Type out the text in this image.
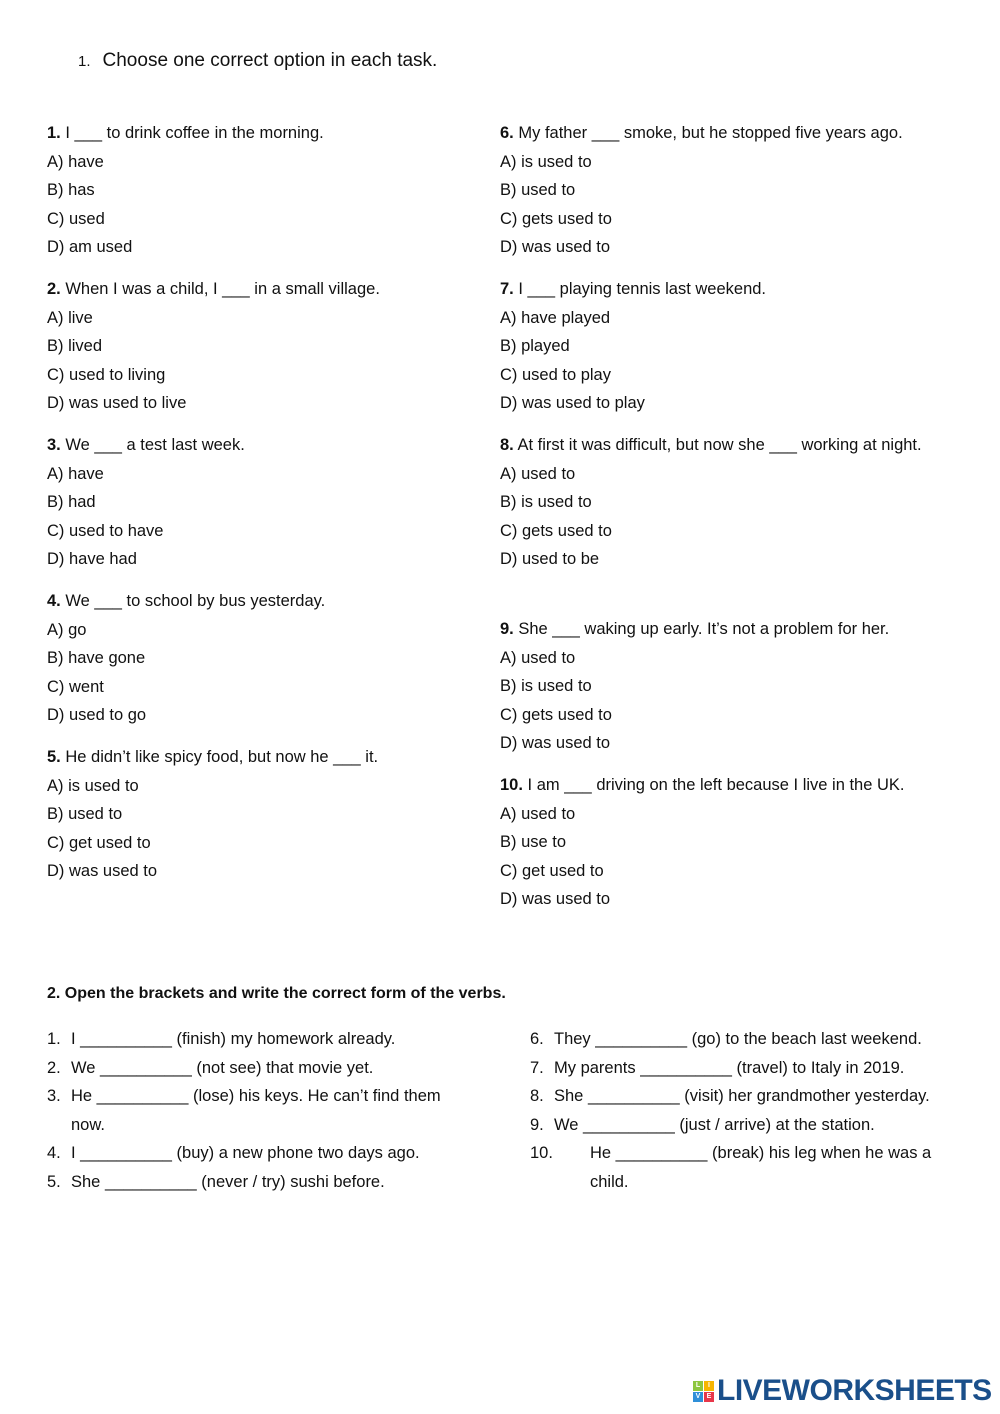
1. Choose one correct option in each task.
1. I ___ to drink coffee in the morning.
A) have
B) has
C) used
D) am used
2. When I was a child, I ___ in a small village.
A) live
B) lived
C) used to living
D) was used to live
3. We ___ a test last week.
A) have
B) had
C) used to have
D) have had
4. We ___ to school by bus yesterday.
A) go
B) have gone
C) went
D) used to go
5. He didn’t like spicy food, but now he ___ it.
A) is used to
B) used to
C) get used to
D) was used to
6. My father ___ smoke, but he stopped five years ago.
A) is used to
B) used to
C) gets used to
D) was used to
7. I ___ playing tennis last weekend.
A) have played
B) played
C) used to play
D) was used to play
8. At first it was difficult, but now she ___ working at night.
A) used to
B) is used to
C) gets used to
D) used to be
9. She ___ waking up early. It’s not a problem for her.
A) used to
B) is used to
C) gets used to
D) was used to
10. I am ___ driving on the left because I live in the UK.
A) used to
B) use to
C) get used to
D) was used to
2. Open the brackets and write the correct form of the verbs.
1. I __________ (finish) my homework already.
2. We __________ (not see) that movie yet.
3. He __________ (lose) his keys. He can’t find them now.
4. I __________ (buy) a new phone two days ago.
5. She __________ (never / try) sushi before.
6. They __________ (go) to the beach last weekend.
7. My parents __________ (travel) to Italy in 2019.
8. She __________ (visit) her grandmother yesterday.
9. We __________ (just / arrive) at the station.
10. He __________ (break) his leg when he was a child.
L	I
V E LIVEWORKSHEETS
